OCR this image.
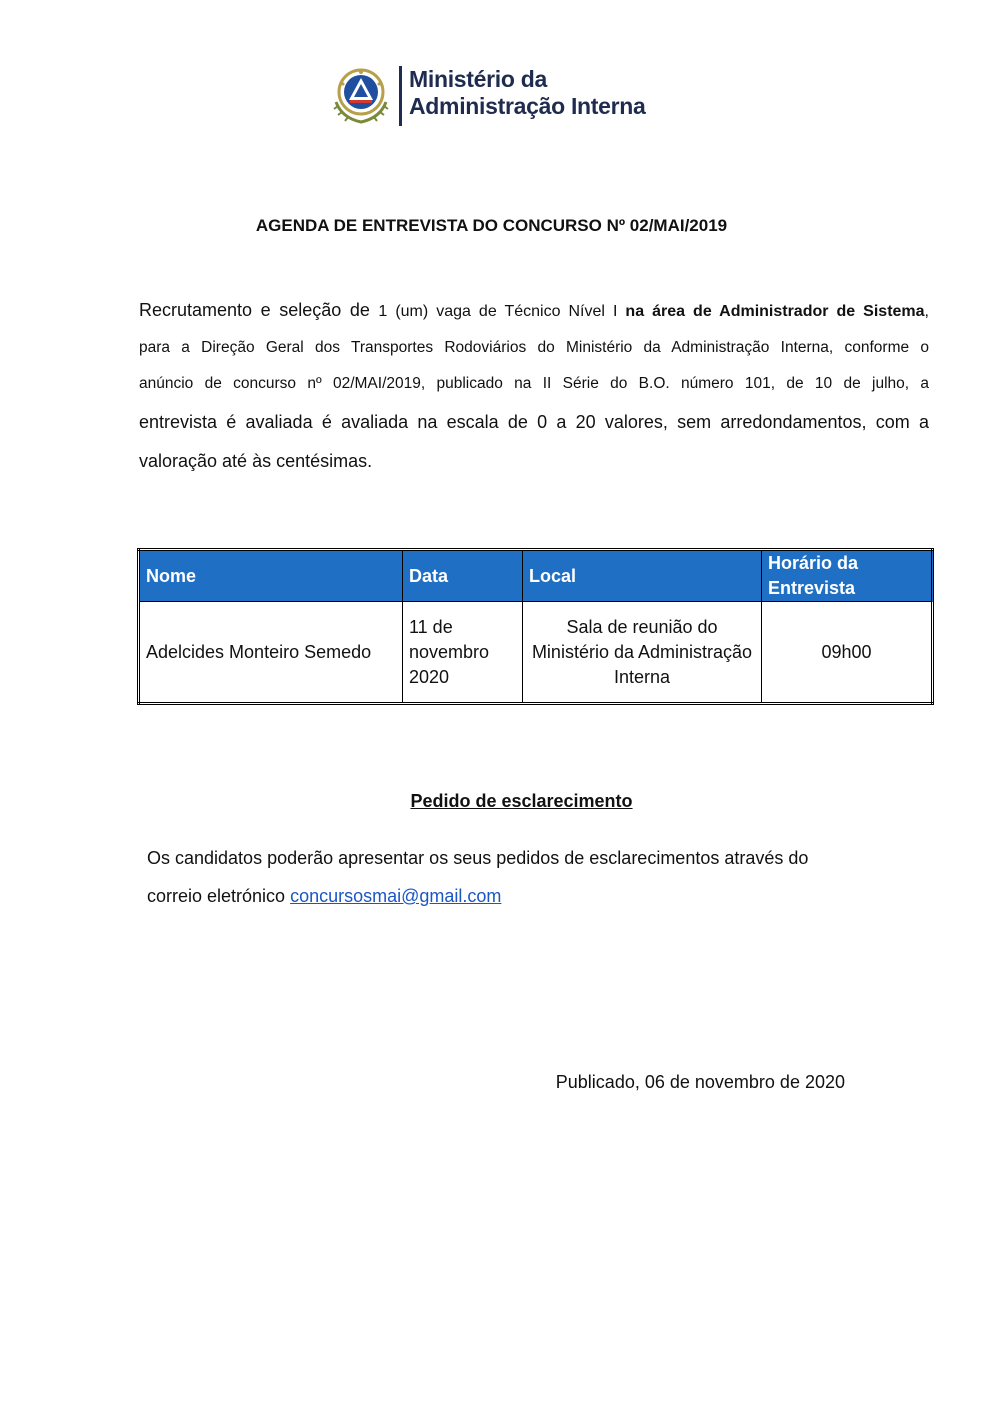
Ministério da
Administração Interna
AGENDA DE ENTREVISTA DO CONCURSO Nº 02/MAI/2019
Recrutamento e seleção de 1 (um) vaga de Técnico Nível I na área de Administrador de Sistema,
para a Direção Geral dos Transportes Rodoviários do Ministério da Administração Interna, conforme o
anúncio de concurso nº 02/MAI/2019, publicado na II Série do B.O. número 101, de 10 de julho, a
entrevista é avaliada é avaliada na escala de 0 a 20 valores, sem arredondamentos, com a
valoração até às centésimas.
Nome	Data	Local	Horário da Entrevista
Adelcides Monteiro Semedo	11 de novembro 2020	Sala de reunião do Ministério da Administração Interna	09h00
Pedido de esclarecimento
Os candidatos poderão apresentar os seus pedidos de esclarecimentos através do
correio eletrónico concursosmai@gmail.com
Publicado, 06 de novembro de 2020
